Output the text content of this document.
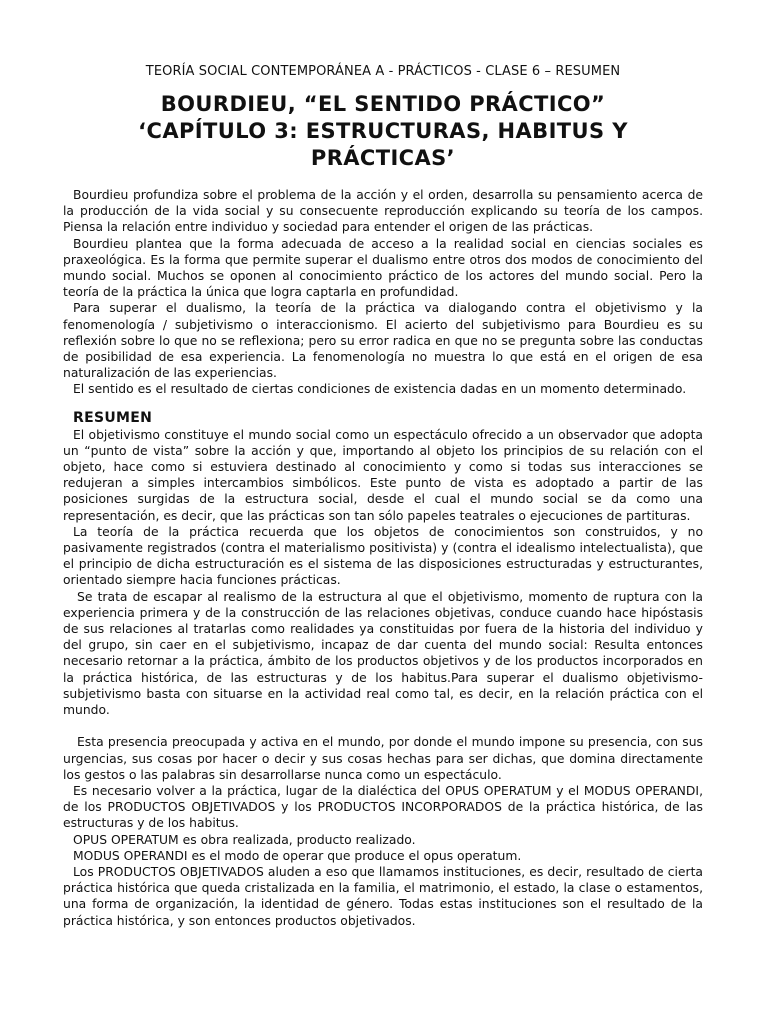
TEORÍA SOCIAL CONTEMPORÁNEA A - PRÁCTICOS - CLASE 6 – RESUMEN
BOURDIEU, “EL SENTIDO PRÁCTICO”
‘CAPÍTULO 3: ESTRUCTURAS, HABITUS Y
PRÁCTICAS’

Bourdieu profundiza sobre el problema de la acción y el orden, desarrolla su pensamiento acerca de la producción de la vida social y su consecuente reproducción explicando su teoría de los campos. Piensa la relación entre individuo y sociedad para entender el origen de las prácticas.

Bourdieu plantea que la forma adecuada de acceso a la realidad social en ciencias sociales es praxeológica. Es la forma que permite superar el dualismo entre otros dos modos de conocimiento del mundo social. Muchos se oponen al conocimiento práctico de los actores del mundo social. Pero la teoría de la práctica la única que logra captarla en profundidad.

Para superar el dualismo, la teoría de la práctica va dialogando contra el objetivismo y la fenomenología / subjetivismo o interaccionismo. El acierto del subjetivismo para Bourdieu es su reflexión sobre lo que no se reflexiona; pero su error radica en que no se pregunta sobre las conductas de posibilidad de esa experiencia. La fenomenología no muestra lo que está en el origen de esa naturalización de las experiencias.

El sentido es el resultado de ciertas condiciones de existencia dadas en un momento determinado.

RESUMEN

El objetivismo constituye el mundo social como un espectáculo ofrecido a un observador que adopta un “punto de vista” sobre la acción y que, importando al objeto los principios de su relación con el objeto, hace como si estuviera destinado al conocimiento y como si todas sus interacciones se redujeran a simples intercambios simbólicos. Este punto de vista es adoptado a partir de las posiciones surgidas de la estructura social, desde el cual el mundo social se da como una representación, es decir, que las prácticas son tan sólo papeles teatrales o ejecuciones de partituras.

La teoría de la práctica recuerda que los objetos de conocimientos son construidos, y no pasivamente registrados (contra el materialismo positivista) y (contra el idealismo intelectualista), que el principio de dicha estructuración es el sistema de las disposiciones estructuradas y estructurantes, orientado siempre hacia funciones prácticas.

Se trata de escapar al realismo de la estructura al que el objetivismo, momento de ruptura con la experiencia primera y de la construcción de las relaciones objetivas, conduce cuando hace hipóstasis de sus relaciones al tratarlas como realidades ya constituidas por fuera de la historia del individuo y del grupo, sin caer en el subjetivismo, incapaz de dar cuenta del mundo social: Resulta entonces necesario retornar a la práctica, ámbito de los productos objetivos y de los productos incorporados en la práctica histórica, de las estructuras y de los habitus.Para superar el dualismo objetivismo-subjetivismo basta con situarse en la actividad real como tal, es decir, en la relación práctica con el mundo.

Esta presencia preocupada y activa en el mundo, por donde el mundo impone su presencia, con sus urgencias, sus cosas por hacer o decir y sus cosas hechas para ser dichas, que domina directamente los gestos o las palabras sin desarrollarse nunca como un espectáculo.

Es necesario volver a la práctica, lugar de la dialéctica del OPUS OPERATUM y el MODUS OPERANDI, de los PRODUCTOS OBJETIVADOS y los PRODUCTOS INCORPORADOS de la práctica histórica, de las estructuras y de los habitus.

OPUS OPERATUM es obra realizada, producto realizado.

MODUS OPERANDI es el modo de operar que produce el opus operatum.

Los PRODUCTOS OBJETIVADOS aluden a eso que llamamos instituciones, es decir, resultado de cierta práctica histórica que queda cristalizada en la familia, el matrimonio, el estado, la clase o estamentos, una forma de organización, la identidad de género. Todas estas instituciones son el resultado de la práctica histórica, y son entonces productos objetivados.
